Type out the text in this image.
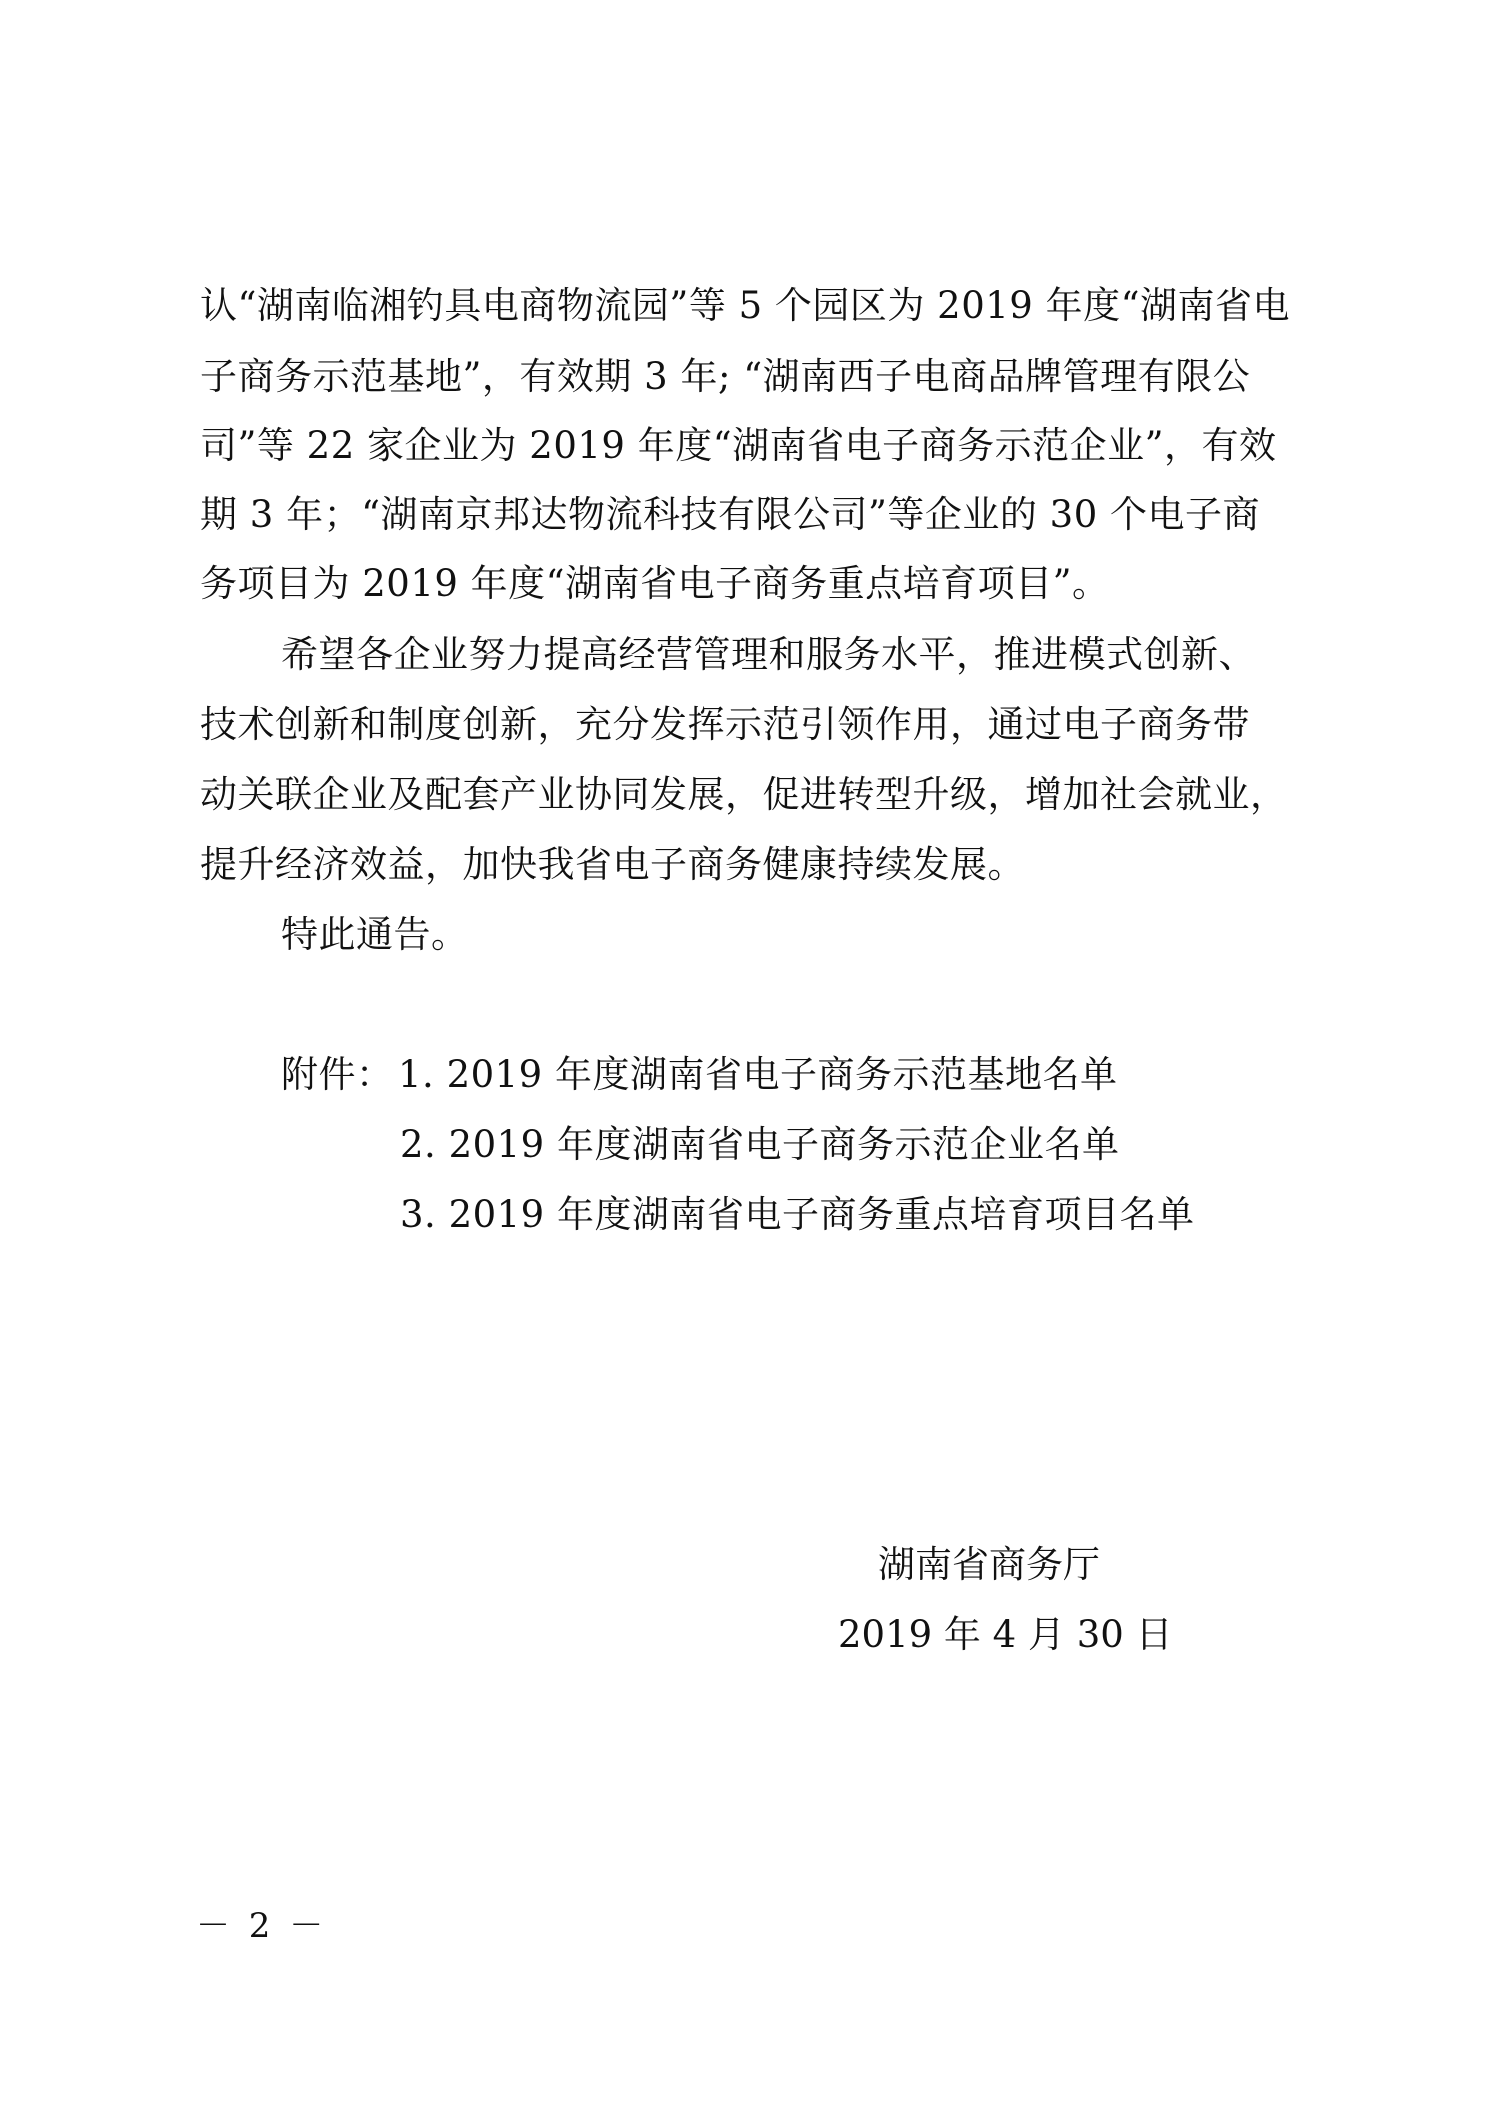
认“湖南临湘钓具电商物流园”等 5 个园区为 2019 年度“湖南省电
子商务示范基地”，有效期 3 年; “湖南西子电商品牌管理有限公
司”等 22 家企业为 2019 年度“湖南省电子商务示范企业”，有效
期 3 年；“湖南京邦达物流科技有限公司”等企业的 30 个电子商
务项目为 2019 年度“湖南省电子商务重点培育项目”。
希望各企业努力提高经营管理和服务水平，推进模式创新、
技术创新和制度创新，充分发挥示范引领作用，通过电子商务带
动关联企业及配套产业协同发展，促进转型升级，增加社会就业，
提升经济效益，加快我省电子商务健康持续发展。
特此通告。
附件： 1. 2019 年度湖南省电子商务示范基地名单
2. 2019 年度湖南省电子商务示范企业名单
3. 2019 年度湖南省电子商务重点培育项目名单
湖南省商务厅
2019 年 4 月 30 日
－ 2 －
